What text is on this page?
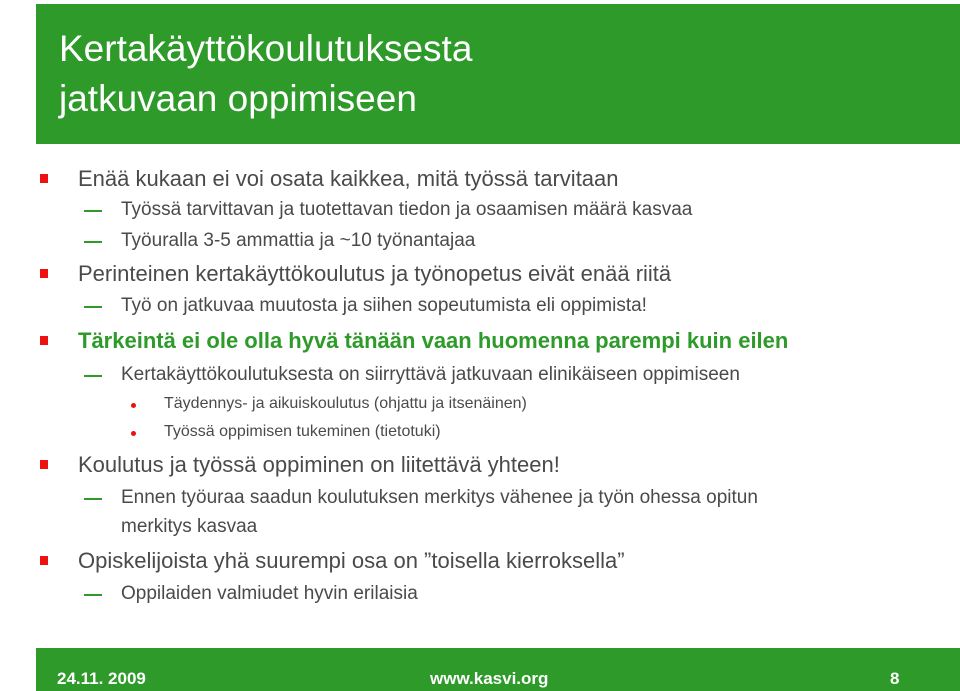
Kertakäyttökoulutuksesta
jatkuvaan oppimiseen
Enää kukaan ei voi osata kaikkea, mitä työssä tarvitaan
Työssä tarvittavan ja tuotettavan tiedon ja osaamisen määrä kasvaa
Työuralla 3-5 ammattia ja ~10 työnantajaa
Perinteinen kertakäyttökoulutus ja työnopetus eivät enää riitä
Työ on jatkuvaa muutosta ja siihen sopeutumista eli oppimista!
Tärkeintä ei ole olla hyvä tänään vaan huomenna parempi kuin eilen
Kertakäyttökoulutuksesta on siirryttävä jatkuvaan elinikäiseen oppimiseen
Täydennys- ja aikuiskoulutus (ohjattu ja itsenäinen)
Työssä oppimisen tukeminen (tietotuki)
Koulutus ja työssä oppiminen on liitettävä yhteen!
Ennen työuraa saadun koulutuksen merkitys vähenee ja työn ohessa opitun
merkitys kasvaa
Opiskelijoista yhä suurempi osa on ”toisella kierroksella”
Oppilaiden valmiudet hyvin erilaisia
24.11. 2009	www.kasvi.org	8
